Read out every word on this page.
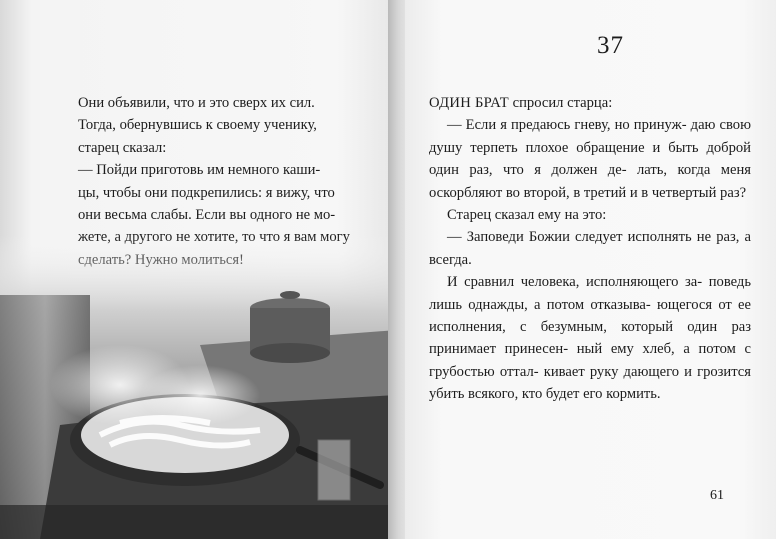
Они объявили, что и это сверх их сил.

Тогда, обернувшись к своему ученику,

старец сказал:

— Пойди приготовь им немного каши-

цы, чтобы они подкрепились: я вижу, что

они весьма слабы. Если вы одного не мо-

37

ОДИН БРАТ спросил старца:

— Если я предаюсь гневу, но принуж- даю свою душу терпеть плохое обращение и быть доброй один раз, что я должен де- лать, когда меня оскорбляют во второй, в третий и в четвертый раз?

Старец сказал ему на это:

— Заповеди Божии следует исполнять не раз, а всегда.

И сравнил человека, исполняющего за- поведь лишь однажды, а потом отказыва- ющегося от ее исполнения, с безумным, который один раз принимает принесен- ный ему хлеб, а потом с грубостью оттал- кивает руку дающего и грозится убить всякого, кто будет его кормить.

61
